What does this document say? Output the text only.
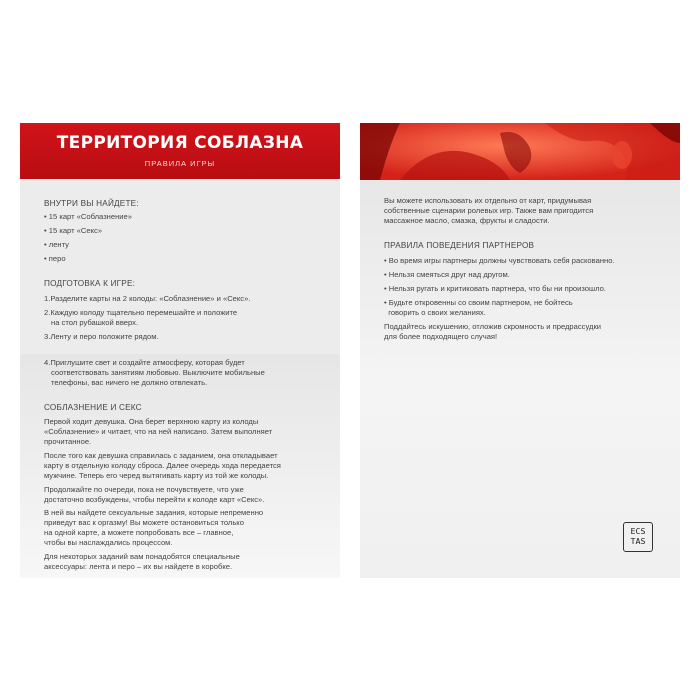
ТЕРРИТОРИЯ СОБЛАЗНА
ПРАВИЛА ИГРЫ
ВНУТРИ ВЫ НАЙДЕТЕ:
• 15 карт «Соблазнение»
• 15 карт «Секс»
• ленту
• перо
ПОДГОТОВКА К ИГРЕ:
1.Разделите карты на 2 колоды: «Соблазнение» и «Секс».
2.Каждую колоду тщательно перемешайте и положите
на стол рубашкой вверх.
3.Ленту и перо положите рядом.
4.Приглушите свет и создайте атмосферу, которая будет
соответствовать занятиям любовью. Выключите мобильные
телефоны, вас ничего не должно отвлекать.
СОБЛАЗНЕНИЕ И СЕКС
Первой ходит девушка. Она берет верхнюю карту из колоды
«Соблазнение» и читает, что на ней написано. Затем выполняет
прочитанное.
После того как девушка справилась с заданием, она откладывает
карту в отдельную колоду сброса. Далее очередь хода передается
мужчине. Теперь его черед вытягивать карту из той же колоды.
Продолжайте по очереди, пока не почувствуете, что уже
достаточно возбуждены, чтобы перейти к колоде карт «Секс».
В ней вы найдете сексуальные задания, которые непременно
приведут вас к оргазму! Вы можете остановиться только
на одной карте, а можете попробовать все – главное,
чтобы вы наслаждались процессом.
Для некоторых заданий вам понадобятся специальные
аксессуары: лента и перо – их вы найдете в коробке.
Вы можете использовать их отдельно от карт, придумывая
собственные сценарии ролевых игр. Также вам пригодится
массажное масло, смазка, фрукты и сладости.
ПРАВИЛА ПОВЕДЕНИЯ ПАРТНЕРОВ
• Во время игры партнеры должны чувствовать себя раскованно.
• Нельзя смеяться друг над другом.
• Нельзя ругать и критиковать партнера, что бы ни произошло.
• Будьте откровенны со своим партнером, не бойтесь
говорить о своих желаниях.
Поддайтесь искушению, отложив скромность и предрассудки
для более подходящего случая!
ECS
TAS
